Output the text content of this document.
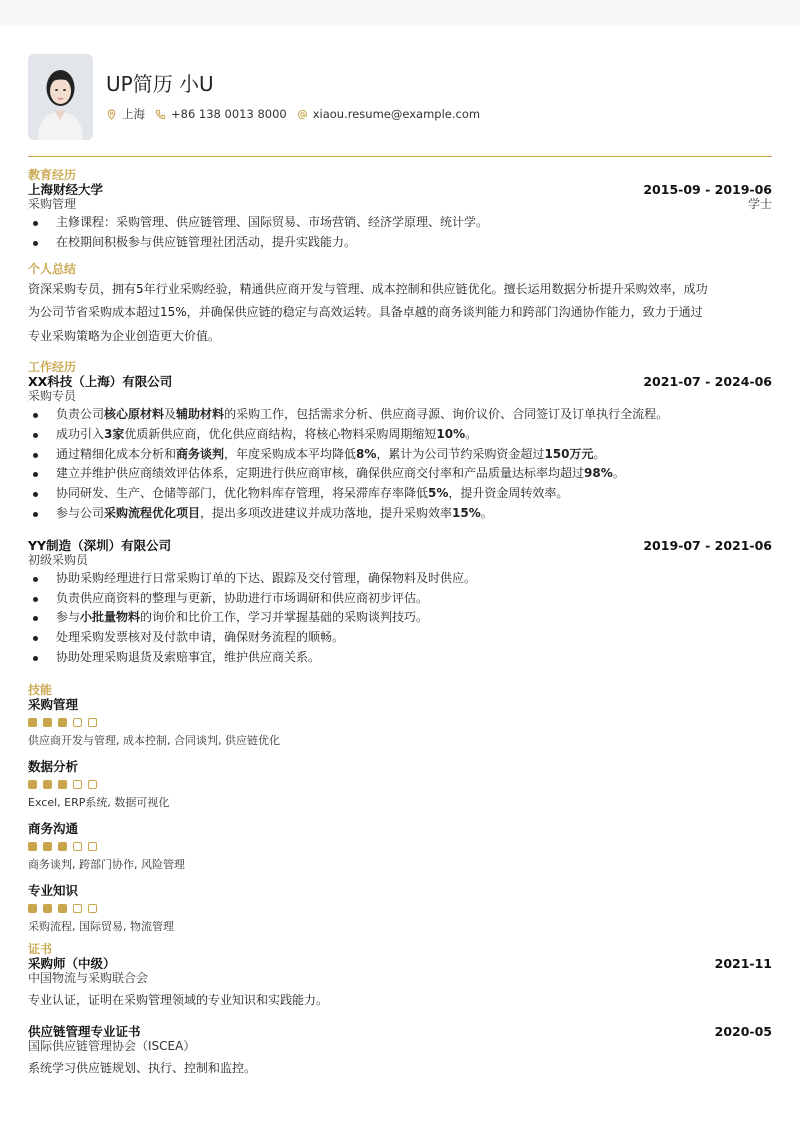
UP简历 小U
上海 +86 138 0013 8000 xiaou.resume@example.com
教育经历
上海财经大学	2015-09 - 2019-06
采购管理	学士
主修课程：采购管理、供应链管理、国际贸易、市场营销、经济学原理、统计学。
在校期间积极参与供应链管理社团活动，提升实践能力。
个人总结
资深采购专员，拥有5年行业采购经验，精通供应商开发与管理、成本控制和供应链优化。擅长运用数据分析提升采购效率，成功
为公司节省采购成本超过15%，并确保供应链的稳定与高效运转。具备卓越的商务谈判能力和跨部门沟通协作能力，致力于通过
专业采购策略为企业创造更大价值。
工作经历
XX科技（上海）有限公司	2021-07 - 2024-06
采购专员
负责公司核心原材料及辅助材料的采购工作，包括需求分析、供应商寻源、询价议价、合同签订及订单执行全流程。
成功引入3家优质新供应商，优化供应商结构，将核心物料采购周期缩短10%。
通过精细化成本分析和商务谈判，年度采购成本平均降低8%，累计为公司节约采购资金超过150万元。
建立并维护供应商绩效评估体系，定期进行供应商审核，确保供应商交付率和产品质量达标率均超过98%。
协同研发、生产、仓储等部门，优化物料库存管理，将呆滞库存率降低5%，提升资金周转效率。
参与公司采购流程优化项目，提出多项改进建议并成功落地，提升采购效率15%。
YY制造（深圳）有限公司	2019-07 - 2021-06
初级采购员
协助采购经理进行日常采购订单的下达、跟踪及交付管理，确保物料及时供应。
负责供应商资料的整理与更新，协助进行市场调研和供应商初步评估。
参与小批量物料的询价和比价工作，学习并掌握基础的采购谈判技巧。
处理采购发票核对及付款申请，确保财务流程的顺畅。
协助处理采购退货及索赔事宜，维护供应商关系。
技能
采购管理
供应商开发与管理, 成本控制, 合同谈判, 供应链优化
数据分析
Excel, ERP系统, 数据可视化
商务沟通
商务谈判, 跨部门协作, 风险管理
专业知识
采购流程, 国际贸易, 物流管理
证书
采购师（中级）	2021-11
中国物流与采购联合会
专业认证，证明在采购管理领域的专业知识和实践能力。
供应链管理专业证书	2020-05
国际供应链管理协会（ISCEA）
系统学习供应链规划、执行、控制和监控。
